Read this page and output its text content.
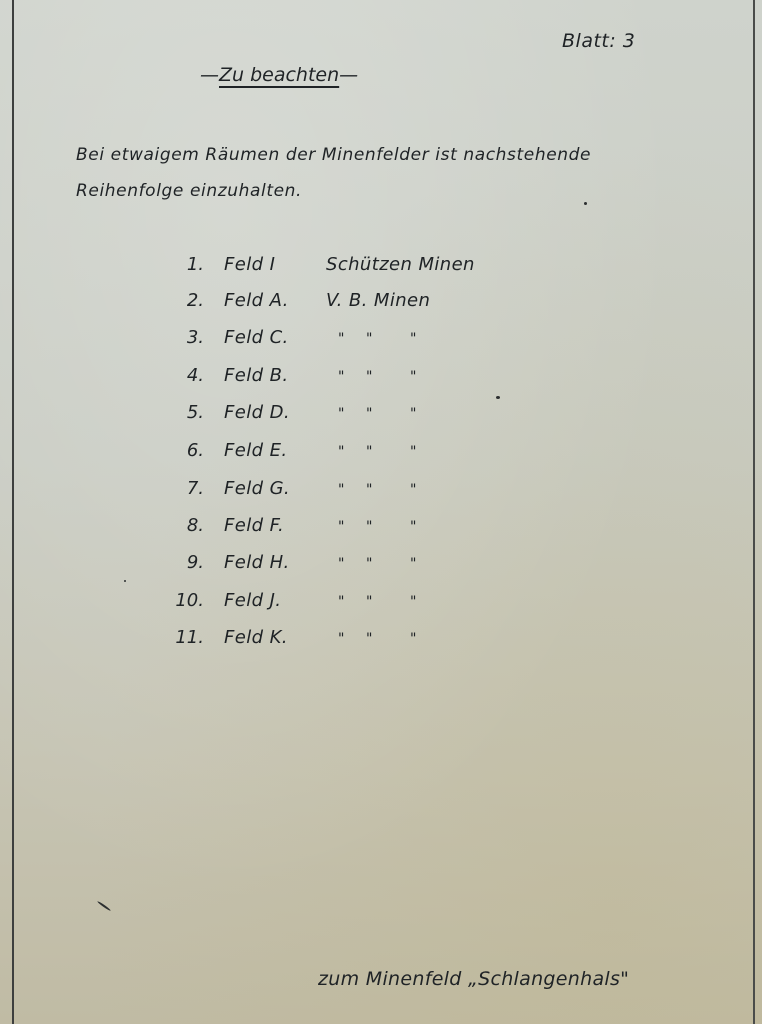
Blatt: 3
—Zu beachten—
Bei etwaigem Räumen der Minenfelder ist nachstehende
Reihenfolge einzuhalten.
1. Feld I	Schützen Minen
2. Feld A. V. B. Minen
3. Feld C.	" "	"
4. Feld B.	" "	"
5. Feld D.	" "	"
6. Feld E.	" "	"
7. Feld G.	" "	"
8. Feld F.	" "	"
9. Feld H.	" "	"
10. Feld J.	" "	"
11. Feld K.	" "	"
zum Minenfeld „Schlangenhals"
